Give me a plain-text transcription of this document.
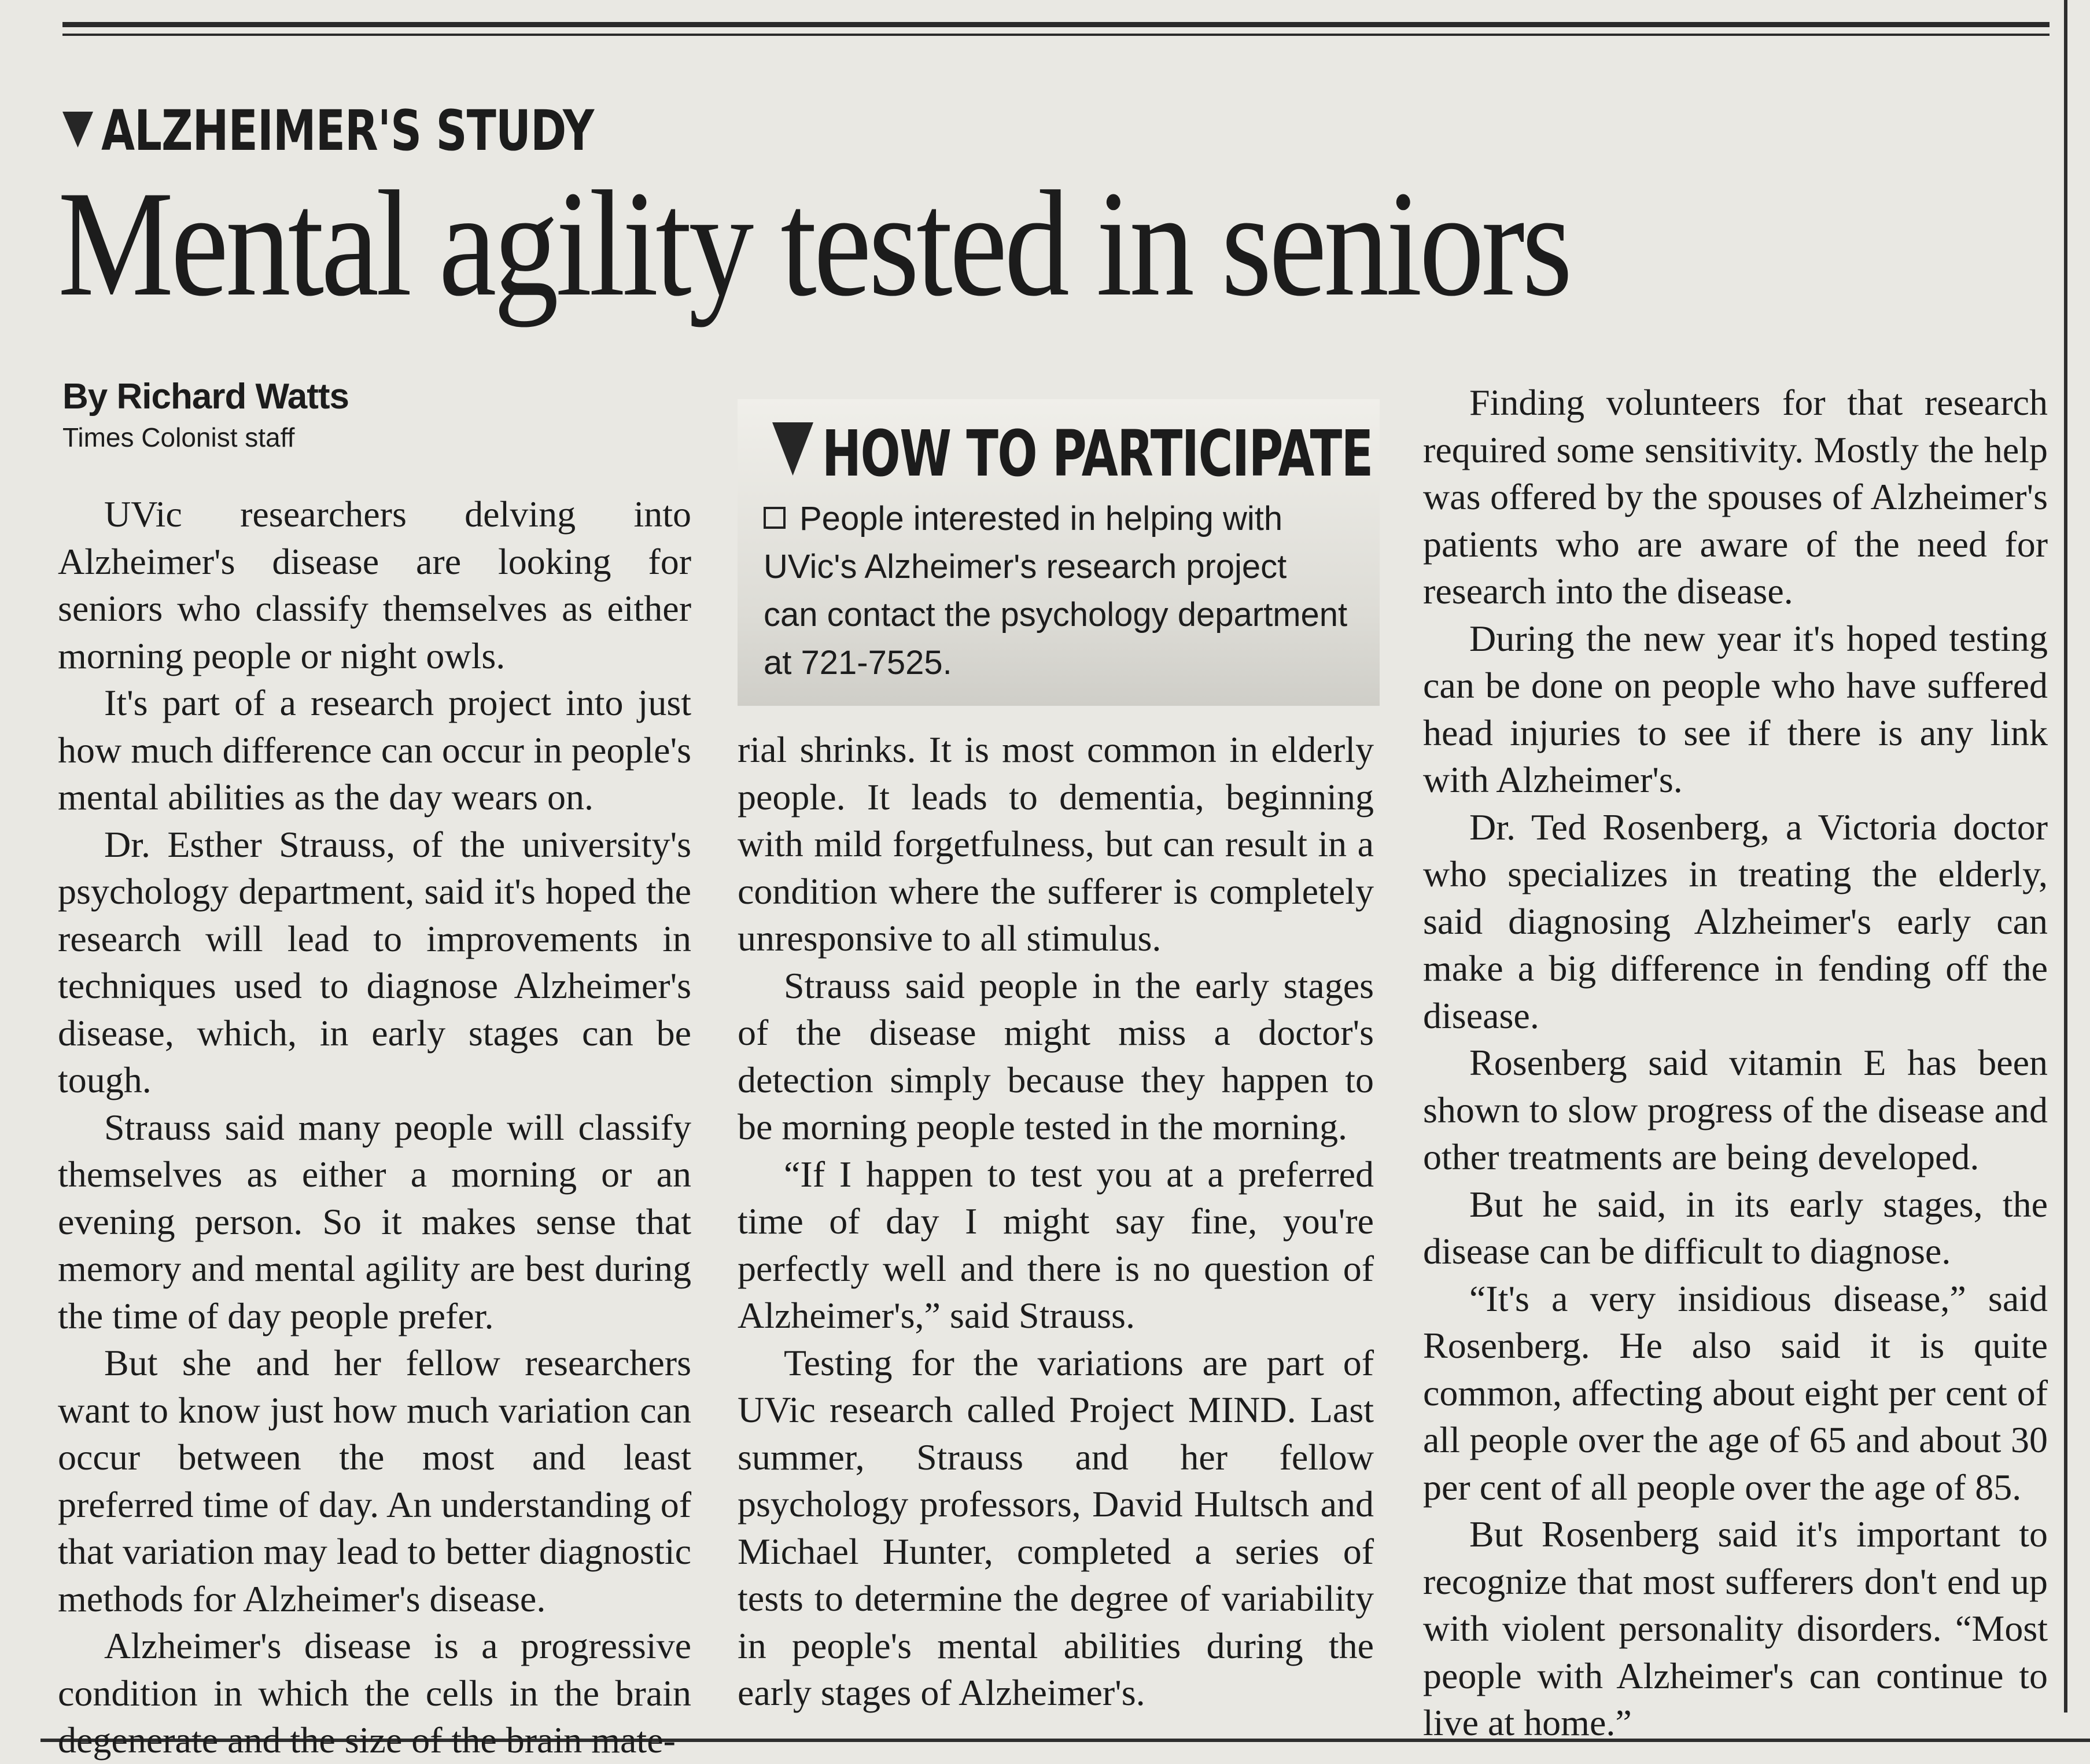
ALZHEIMER'S STUDY
Mental agility tested in seniors
By Richard Watts
Times Colonist staff

UVic researchers delving into Alzheimer's disease are looking for seniors who classify themselves as either morning people or night owls.

It's part of a research project into just how much difference can occur in people's mental abilities as the day wears on.

Dr. Esther Strauss, of the university's psychology department, said it's hoped the research will lead to improvements in techniques used to diagnose Alzheimer's disease, which, in early stages can be tough.

Strauss said many people will classify themselves as either a morning or an evening person. So it makes sense that memory and mental agility are best during the time of day people prefer.

But she and her fellow researchers want to know just how much variation can occur between the most and least preferred time of day. An understanding of that variation may lead to better diagnostic methods for Alzheimer's disease.

Alzheimer's disease is a progressive condition in which the cells in the brain degenerate and the size of the brain mate-

HOW TO PARTICIPATE
People interested in helping with UVic's Alzheimer's research project can contact the psychology department at 721-7525.

rial shrinks. It is most common in elderly people. It leads to dementia, beginning with mild forgetfulness, but can result in a condition where the sufferer is completely unresponsive to all stimulus.

Strauss said people in the early stages of the disease might miss a doctor's detection simply because they happen to be morning people tested in the morning.

“If I happen to test you at a preferred time of day I might say fine, you're perfectly well and there is no question of Alzheimer's,” said Strauss.

Testing for the variations are part of UVic research called Project MIND. Last summer, Strauss and her fellow psychology professors, David Hultsch and Michael Hunter, completed a series of tests to determine the degree of variability in people's mental abilities during the early stages of Alzheimer's.

Finding volunteers for that research required some sensitivity. Mostly the help was offered by the spouses of Alzheimer's patients who are aware of the need for research into the disease.

During the new year it's hoped testing can be done on people who have suffered head injuries to see if there is any link with Alzheimer's.

Dr. Ted Rosenberg, a Victoria doctor who specializes in treating the elderly, said diagnosing Alzheimer's early can make a big difference in fending off the disease.

Rosenberg said vitamin E has been shown to slow progress of the disease and other treatments are being developed.

But he said, in its early stages, the disease can be difficult to diagnose.

“It's a very insidious disease,” said Rosenberg. He also said it is quite common, affecting about eight per cent of all people over the age of 65 and about 30 per cent of all people over the age of 85.

But Rosenberg said it's important to recognize that most sufferers don't end up with violent personality disorders. “Most people with Alzheimer's can continue to live at home.”
